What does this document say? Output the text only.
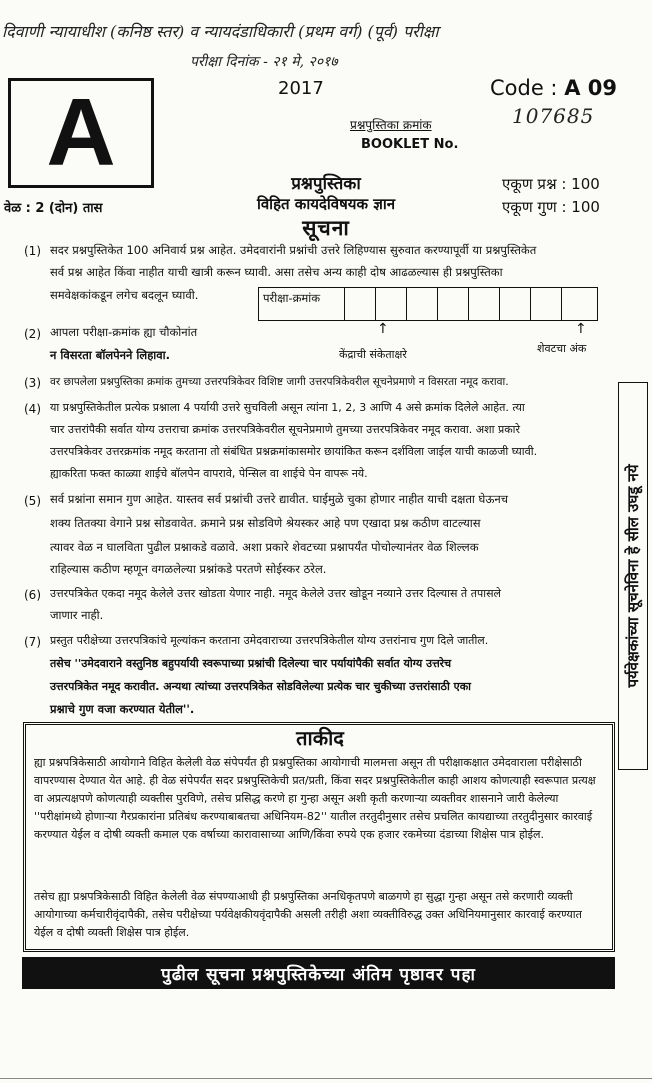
दिवाणी न्यायाधीश (कनिष्ठ स्तर) व न्यायदंडाधिकारी (प्रथम वर्ग) (पूर्व) परीक्षा
परीक्षा दिनांक - २१ मे, २०१७
A	2017	Code : A 09
107685
प्रश्नपुस्तिका क्रमांक
BOOKLET No.
प्रश्नपुस्तिका
विहित कायदेविषयक ज्ञान
एकूण प्रश्न : 100
एकूण गुण : 100
वेळ : 2 (दोन) तास
सूचना
(1) सदर प्रश्नपुस्तिकेत 100 अनिवार्य प्रश्न आहेत. उमेदवारांनी प्रश्नांची उत्तरे लिहिण्यास सुरुवात करण्यापूर्वी या प्रश्नपुस्तिकेत
सर्व प्रश्न आहेत किंवा नाहीत याची खात्री करून घ्यावी. असा तसेच अन्य काही दोष आढळल्यास ही प्रश्नपुस्तिका
समवेक्षकांकडून लगेच बदलून घ्यावी.
(2) आपला परीक्षा-क्रमांक ह्या चौकोनांत
न विसरता बॉलपेनने लिहावा.
परीक्षा-क्रमांक
↑	↑
केंद्राची संकेताक्षरे	शेवटचा अंक
(3) वर छापलेला प्रश्नपुस्तिका क्रमांक तुमच्या उत्तरपत्रिकेवर विशिष्ट जागी उत्तरपत्रिकेवरील सूचनेप्रमाणे न विसरता नमूद करावा.
(4) या प्रश्नपुस्तिकेतील प्रत्येक प्रश्नाला 4 पर्यायी उत्तरे सुचविली असून त्यांना 1, 2, 3 आणि 4 असे क्रमांक दिलेले आहेत. त्या
चार उत्तरांपैकी सर्वात योग्य उत्तराचा क्रमांक उत्तरपत्रिकेवरील सूचनेप्रमाणे तुमच्या उत्तरपत्रिकेवर नमूद करावा. अशा प्रकारे
उत्तरपत्रिकेवर उत्तरक्रमांक नमूद करताना तो संबंधित प्रश्नक्रमांकासमोर छायांकित करून दर्शविला जाईल याची काळजी घ्यावी.
ह्याकरिता फक्त काळ्या शाईचे बॉलपेन वापरावे, पेन्सिल वा शाईचे पेन वापरू नये.
(5) सर्व प्रश्नांना समान गुण आहेत. यास्तव सर्व प्रश्नांची उत्तरे द्यावीत. घाईमुळे चुका होणार नाहीत याची दक्षता घेऊनच
शक्य तितक्या वेगाने प्रश्न सोडवावेत. क्रमाने प्रश्न सोडविणे श्रेयस्कर आहे पण एखादा प्रश्न कठीण वाटल्यास
त्यावर वेळ न घालविता पुढील प्रश्नाकडे वळावे. अशा प्रकारे शेवटच्या प्रश्नापर्यंत पोचोल्यानंतर वेळ शिल्लक
राहिल्यास कठीण म्हणून वगळलेल्या प्रश्नांकडे परतणे सोईस्कर ठरेल.
(6) उत्तरपत्रिकेत एकदा नमूद केलेले उत्तर खोडता येणार नाही. नमूद केलेले उत्तर खोडून नव्याने उत्तर दिल्यास ते तपासले
जाणार नाही.
(7) प्रस्तुत परीक्षेच्या उत्तरपत्रिकांचे मूल्यांकन करताना उमेदवाराच्या उत्तरपत्रिकेतील योग्य उत्तरांनाच गुण दिले जातील.
तसेच ''उमेदवाराने वस्तुनिष्ठ बहुपर्यायी स्वरूपाच्या प्रश्नांची दिलेल्या चार पर्यायांपैकी सर्वात योग्य उत्तरेच
उत्तरपत्रिकेत नमूद करावीत. अन्यथा त्यांच्या उत्तरपत्रिकेत सोडविलेल्या प्रत्येक चार चुकीच्या उत्तरांसाठी एका
प्रश्नाचे गुण वजा करण्यात येतील''.
पर्यवेक्षकांच्या सूचनेविना हे सील उघडू नये
ताकीद
ह्या प्रश्नपत्रिकेसाठी आयोगाने विहित केलेली वेळ संपेपर्यंत ही प्रश्नपुस्तिका आयोगाची मालमत्ता असून ती परीक्षाकक्षात उमेदवाराला परीक्षेसाठी वापरण्यास देण्यात येत आहे. ही वेळ संपेपर्यंत सदर प्रश्नपुस्तिकेची प्रत/प्रती, किंवा सदर प्रश्नपुस्तिकेतील काही आशय कोणत्याही स्वरूपात प्रत्यक्ष वा अप्रत्यक्षपणे कोणत्याही व्यक्तीस पुरविणे, तसेच प्रसिद्ध करणे हा गुन्हा असून अशी कृती करणाऱ्या व्यक्तीवर शासनाने जारी केलेल्या ''परीक्षांमध्ये होणाऱ्या गैरप्रकारांना प्रतिबंध करण्याबाबतचा अधिनियम-82'' यातील तरतुदीनुसार तसेच प्रचलित कायद्याच्या तरतुदीनुसार कारवाई करण्यात येईल व दोषी व्यक्ती कमाल एक वर्षाच्या कारावासाच्या आणि/किंवा रुपये एक हजार रकमेच्या दंडाच्या शिक्षेस पात्र होईल.
तसेच ह्या प्रश्नपत्रिकेसाठी विहित केलेली वेळ संपण्याआधी ही प्रश्नपुस्तिका अनधिकृतपणे बाळगणे हा सुद्धा गुन्हा असून तसे करणारी व्यक्ती आयोगाच्या कर्मचारीवृंदापैकी, तसेच परीक्षेच्या पर्यवेक्षकीयवृंदापैकी असली तरीही अशा व्यक्तीविरुद्ध उक्त अधिनियमानुसार कारवाई करण्यात येईल व दोषी व्यक्ती शिक्षेस पात्र होईल.
पुढील सूचना प्रश्नपुस्तिकेच्या अंतिम पृष्ठावर पहा
